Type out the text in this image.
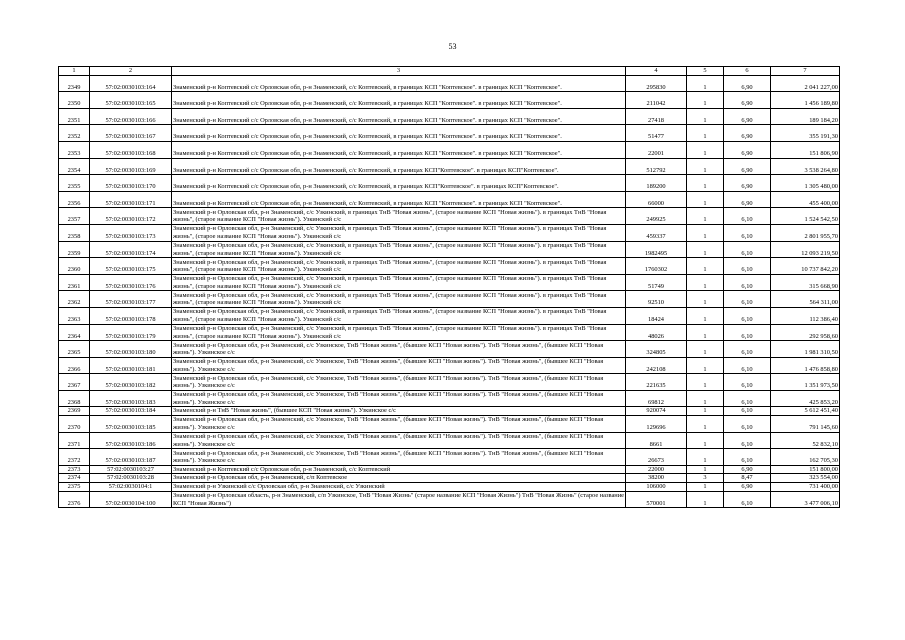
53
1	2	3	4	5	6	7
2349	57:02:0030103:164	Знаменский р-н Коптевский с/с Орловская обл, р-н Знаменский, с/с Коптевский, в границах КСП "Коптевское". в границах КСП "Коптевское".	295830	1	6,90	2 041 227,00
2350	57:02:0030103:165	Знаменский р-н Коптевский с/с Орловская обл, р-н Знаменский, с/с Коптевский, в границах КСП "Коптевское". в границах КСП "Коптевское".	211042	1	6,90	1 456 189,80
2351	57:02:0030103:166	Знаменский р-н Коптевский с/с Орловская обл, р-н Знаменский, с/с Коптевский, в границах КСП "Коптевское". в границах КСП "Коптевское".	27418	1	6,90	189 184,20
2352	57:02:0030103:167	Знаменский р-н Коптевский с/с Орловская обл, р-н Знаменский, с/с Коптевский, в границах КСП "Коптевское". в границах КСП "Коптевское".	51477	1	6,90	355 191,30
2353	57:02:0030103:168	Знаменский р-н Коптевский с/с Орловская обл, р-н Знаменский, с/с Коптевский, в границах КСП "Коптевское". в границах КСП "Коптевское".	22001	1	6,90	151 806,90
2354	57:02:0030103:169	Знаменский р-н Коптевский с/с Орловская обл, р-н Знаменский, с/с Коптевский, в границах КСП"Коптевское". в границах КСП"Коптевское".	512792	1	6,90	3 538 264,80
2355	57:02:0030103:170	Знаменский р-н Коптевский с/с Орловская обл, р-н Знаменский, с/с Коптевский, в границах КСП"Коптевское". в границах КСП"Коптевское".	189200	1	6,90	1 305 480,00
2356	57:02:0030103:171	Знаменский р-н Коптевский с/с Орловская обл, р-н Знаменский, с/с Коптевский, в границах КСП "Коптевское". в границах КСП "Коптевское".	66000	1	6,90	455 400,00
2357	57:02:0030103:172	Знаменский р-н Орловская обл, р-н Знаменский, с/с Узкинский, в границах ТнВ "Новая жизнь", (старое название КСП "Новая жизнь"). в границах ТнВ "Новая жизнь", (старое название КСП "Новая жизнь"). Узкинский с/с	249925	1	6,10	1 524 542,50
2358	57:02:0030103:173	Знаменский р-н Орловская обл, р-н Знаменский, с/с Узкинский, в границах ТнВ "Новая жизнь", (старое название КСП "Новая жизнь"). в границах ТнВ "Новая жизнь", (старое название КСП "Новая жизнь"). Узкинский с/с	459337	1	6,10	2 801 955,70
2359	57:02:0030103:174	Знаменский р-н Орловская обл, р-н Знаменский, с/с Узкинский, в границах ТнВ "Новая жизнь", (старое название КСП "Новая жизнь"). в границах ТнВ "Новая жизнь", (старое название КСП "Новая жизнь"). Узкинский с/с	1982495	1	6,10	12 093 219,50
2360	57:02:0030103:175	Знаменский р-н Орловская обл, р-н Знаменский, с/с Узкинский, в границах ТнВ "Новая жизнь", (старое название КСП "Новая жизнь"). в границах ТнВ "Новая жизнь", (старое название КСП "Новая жизнь"). Узкинский с/с	1760302	1	6,10	10 737 842,20
2361	57:02:0030103:176	Знаменский р-н Орловская обл, р-н Знаменский, с/с Узкинский, в границах ТнВ "Новая жизнь", (старое название КСП "Новая жизнь"). в границах ТнВ "Новая жизнь", (старое название КСП "Новая жизнь"). Узкинский с/с	51749	1	6,10	315 668,90
2362	57:02:0030103:177	Знаменский р-н Орловская обл, р-н Знаменский, с/с Узкинский, в границах ТнВ "Новая жизнь", (старое название КСП "Новая жизнь"). в границах ТнВ "Новая жизнь", (старое название КСП "Новая жизнь"). Узкинский с/с	92510	1	6,10	564 311,00
2363	57:02:0030103:178	Знаменский р-н Орловская обл, р-н Знаменский, с/с Узкинский, в границах ТнВ "Новая жизнь", (старое название КСП "Новая жизнь"). в границах ТнВ "Новая жизнь", (старое название КСП "Новая жизнь"). Узкинский с/с	18424	1	6,10	112 386,40
2364	57:02:0030103:179	Знаменский р-н Орловская обл, р-н Знаменский, с/с Узкинский, в границах ТнВ "Новая жизнь", (старое название КСП "Новая жизнь"). в границах ТнВ "Новая жизнь", (старое название КСП "Новая жизнь"). Узкинский с/с	48026	1	6,10	292 958,60
2365	57:02:0030103:180	Знаменский р-н Орловская обл, р-н Знаменский, с/с Узкинское, ТнВ "Новая жизнь", (бывшее КСП "Новая жизнь"). ТнВ "Новая жизнь", (бывшее КСП "Новая жизнь"). Узкинское с/с	324805	1	6,10	1 981 310,50
2366	57:02:0030103:181	Знаменский р-н Орловская обл, р-н Знаменский, с/с Узкинское, ТнВ "Новая жизнь", (бывшее КСП "Новая жизнь"). ТнВ "Новая жизнь", (бывшее КСП "Новая жизнь"). Узкинское с/с	242108	1	6,10	1 476 858,80
2367	57:02:0030103:182	Знаменский р-н Орловская обл, р-н Знаменский, с/с Узкинское, ТнВ "Новая жизнь", (бывшее КСП "Новая жизнь"). ТнВ "Новая жизнь", (бывшее КСП "Новая жизнь"). Узкинское с/с	221635	1	6,10	1 351 973,50
2368	57:02:0030103:183	Знаменский р-н Орловская обл, р-н Знаменский, с/с Узкинское, ТнВ "Новая жизнь", (бывшее КСП "Новая жизнь"). ТнВ "Новая жизнь", (бывшее КСП "Новая жизнь"). Узкинское с/с	69812	1	6,10	425 853,20
2369	57:02:0030103:184	Знаменский р-н ТнВ "Новая жизнь", (бывшее КСП "Новая жизнь"). Узкинское с/с	920074	1	6,10	5 612 451,40
2370	57:02:0030103:185	Знаменский р-н Орловская обл, р-н Знаменский, с/с Узкинское, ТнВ "Новая жизнь", (бывшее КСП "Новая жизнь"). ТнВ "Новая жизнь", (бывшее КСП "Новая жизнь"). Узкинское с/с	129696	1	6,10	791 145,60
2371	57:02:0030103:186	Знаменский р-н Орловская обл, р-н Знаменский, с/с Узкинское, ТнВ "Новая жизнь", (бывшее КСП "Новая жизнь"). ТнВ "Новая жизнь", (бывшее КСП "Новая жизнь"). Узкинское с/с	8661	1	6,10	52 832,10
2372	57:02:0030103:187	Знаменский р-н Орловская обл, р-н Знаменский, с/с Узкинское, ТнВ "Новая жизнь", (бывшее КСП "Новая жизнь"). ТнВ "Новая жизнь", (бывшее КСП "Новая жизнь"). Узкинское с/с	26673	1	6,10	162 705,30
2373	57:02:0030103:27	Знаменский р-н Коптевский с/с Орловская обл, р-н Знаменский, с/с Коптевский	22000	1	6,90	151 800,00
2374	57:02:0030103:28	Знаменский р-н Орловская обл, р-н Знаменский, с/п Коптевское	38200	3	8,47	323 554,00
2375	57:02:0030104:1	Знаменский р-н Узкинский с/с Орловская обл, р-н Знаменский, с/с Узкинский	106000	1	6,90	731 400,00
2376	57:02:0030104:100	Знаменский р-н Орловская область, р-н Знаменский, с/п Узкинское, ТнВ "Новая Жизнь" (старое название КСП "Новая Жизнь") ТнВ "Новая Жизнь" (старое название КСП "Новая Жизнь")	570001	1	6,10	3 477 006,10
